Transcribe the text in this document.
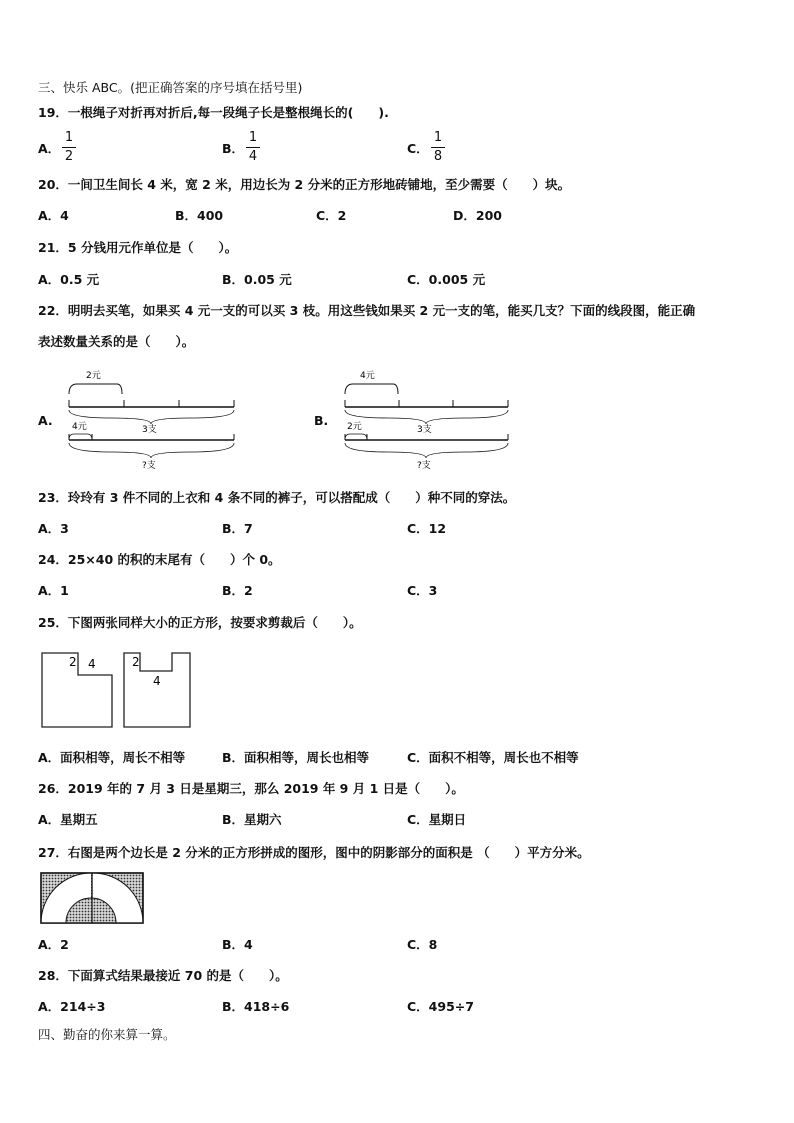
三、快乐 ABC。(把正确答案的序号填在括号里)
19．一根绳子对折再对折后,每一段绳子长是整根绳长的(　　).
A．
1
2
B．
1
4
C．
1
8
20．一间卫生间长 4 米，宽 2 米，用边长为 2 分米的正方形地砖铺地，至少需要（　　）块。
A．4	B．400	C．2	D．200
21．5 分钱用元作单位是（　　）。
A．0.5 元	B．0.05 元	C．0.005 元
22．明明去买笔，如果买 4 元一支的可以买 3 枝。用这些钱如果买 2 元一支的笔，能买几支？下面的线段图，能正确
表述数量关系的是（　　）。
A.
2元
3支
4元
?支
B.
4元
3支
2元
?支
23．玲玲有 3 件不同的上衣和 4 条不同的裤子，可以搭配成（　　）种不同的穿法。
A．3	B．7	C．12
24．25×40 的积的末尾有（　　）个 0。
A．1	B．2	C．3
25．下图两张同样大小的正方形，按要求剪裁后（　　）。
2 4	2
4
A．面积相等，周长不相等	B．面积相等，周长也相等	C．面积不相等，周长也不相等
26．2019 年的 7 月 3 日是星期三，那么 2019 年 9 月 1 日是（　　）。
A．星期五	B．星期六	C．星期日
27．右图是两个边长是 2 分米的正方形拼成的图形，图中的阴影部分的面积是 （　　）平方分米。
A．2	B．4	C．8
28．下面算式结果最接近 70 的是（　　）。
A．214÷3	B．418÷6	C．495÷7
四、勤奋的你来算一算。
